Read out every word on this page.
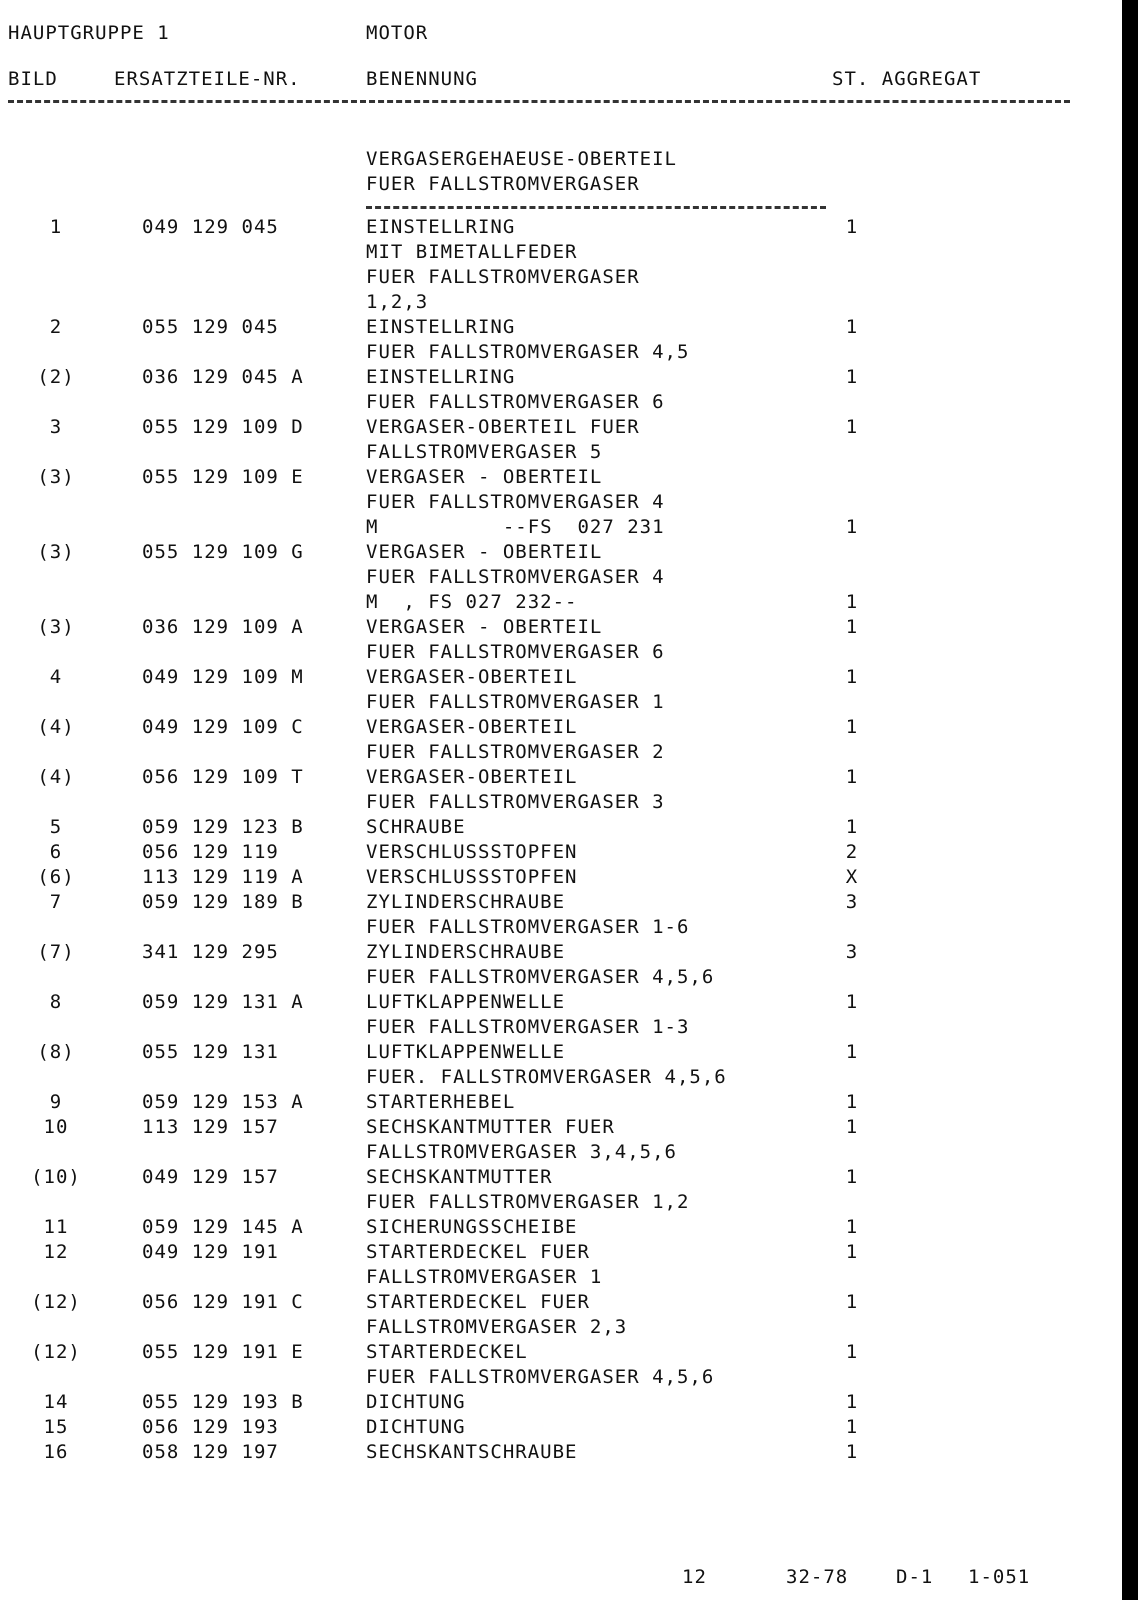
HAUPTGRUPPE 1	MOTOR
BILD	ERSATZTEILE-NR.	BENENNUNG	ST. AGGREGAT
VERGASERGEHAEUSE-OBERTEIL
FUER FALLSTROMVERGASER
1	049 129 045	EINSTELLRING	1
MIT BIMETALLFEDER
FUER FALLSTROMVERGASER
1,2,3
2	055 129 045	EINSTELLRING	1
FUER FALLSTROMVERGASER 4,5
(2)	036 129 045 A	EINSTELLRING	1
FUER FALLSTROMVERGASER 6
3	055 129 109 D	VERGASER-OBERTEIL FUER	1
FALLSTROMVERGASER 5
(3)	055 129 109 E	VERGASER - OBERTEIL
FUER FALLSTROMVERGASER 4
M          --FS  027 231	1
(3)	055 129 109 G	VERGASER - OBERTEIL
FUER FALLSTROMVERGASER 4
M  , FS 027 232--	1
(3)	036 129 109 A	VERGASER - OBERTEIL	1
FUER FALLSTROMVERGASER 6
4	049 129 109 M	VERGASER-OBERTEIL	1
FUER FALLSTROMVERGASER 1
(4)	049 129 109 C	VERGASER-OBERTEIL	1
FUER FALLSTROMVERGASER 2
(4)	056 129 109 T	VERGASER-OBERTEIL	1
FUER FALLSTROMVERGASER 3
5	059 129 123 B	SCHRAUBE	1
6	056 129 119	VERSCHLUSSSTOPFEN	2
(6)	113 129 119 A	VERSCHLUSSSTOPFEN	X
7	059 129 189 B	ZYLINDERSCHRAUBE	3
FUER FALLSTROMVERGASER 1-6
(7)	341 129 295	ZYLINDERSCHRAUBE	3
FUER FALLSTROMVERGASER 4,5,6
8	059 129 131 A	LUFTKLAPPENWELLE	1
FUER FALLSTROMVERGASER 1-3
(8)	055 129 131	LUFTKLAPPENWELLE	1
FUER. FALLSTROMVERGASER 4,5,6
9	059 129 153 A	STARTERHEBEL	1
10	113 129 157	SECHSKANTMUTTER FUER	1
FALLSTROMVERGASER 3,4,5,6
(10)	049 129 157	SECHSKANTMUTTER	1
FUER FALLSTROMVERGASER 1,2
11	059 129 145 A	SICHERUNGSSCHEIBE	1
12	049 129 191	STARTERDECKEL FUER	1
FALLSTROMVERGASER 1
(12)	056 129 191 C	STARTERDECKEL FUER	1
FALLSTROMVERGASER 2,3
(12)	055 129 191 E	STARTERDECKEL	1
FUER FALLSTROMVERGASER 4,5,6
14	055 129 193 B	DICHTUNG	1
15	056 129 193	DICHTUNG	1
16	058 129 197	SECHSKANTSCHRAUBE	1
12	32-78	D-1 1-051
